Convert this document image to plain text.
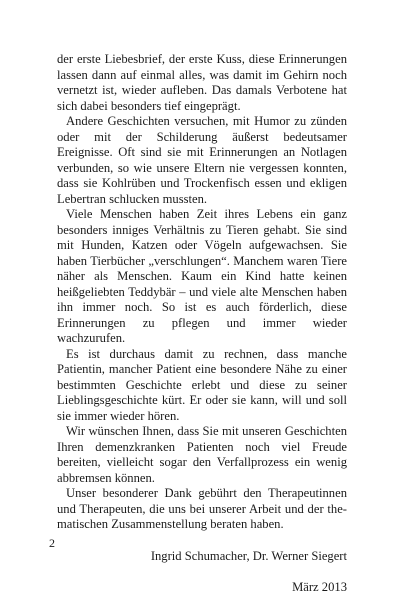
der erste Liebesbrief, der erste Kuss, diese Erinnerungen lassen dann auf einmal alles, was damit im Gehirn noch vernetzt ist, wieder aufleben. Das damals Verbotene hat sich dabei besonders tief eingeprägt.

Andere Geschichten versuchen, mit Humor zu zünden oder mit der Schilderung äußerst bedeutsamer Ereignisse. Oft sind sie mit Erinnerungen an Notlagen verbunden, so wie unsere Eltern nie vergessen konnten, dass sie Kohlrüben und Trockenfisch essen und ekligen Lebertran schlucken mussten.

Viele Menschen haben Zeit ihres Lebens ein ganz besonders inniges Verhältnis zu Tieren gehabt. Sie sind mit Hunden, Katzen oder Vögeln aufgewachsen. Sie haben Tierbücher „verschlungen“. Manchem waren Tiere näher als Menschen. Kaum ein Kind hatte keinen heißgeliebten Teddybär – und viele alte Menschen haben ihn immer noch. So ist es auch förderlich, diese Erinnerungen zu pflegen und immer wieder wachzurufen.

Es ist durchaus damit zu rechnen, dass manche Patientin, mancher Patient eine besondere Nähe zu einer bestimmten Geschichte erlebt und diese zu seiner Lieblingsgeschichte kürt. Er oder sie kann, will und soll sie immer wieder hören.

Wir wünschen Ihnen, dass Sie mit unseren Geschichten Ihren demenzkranken Patienten noch viel Freude bereiten, vielleicht sogar den Verfallprozess ein wenig abbremsen können.

Unser besonderer Dank gebührt den Therapeutinnen und Therapeuten, die uns bei unserer Arbeit und der thematischen Zusammenstellung beraten haben.

Ingrid Schumacher, Dr. Werner Siegert

März 2013

2
